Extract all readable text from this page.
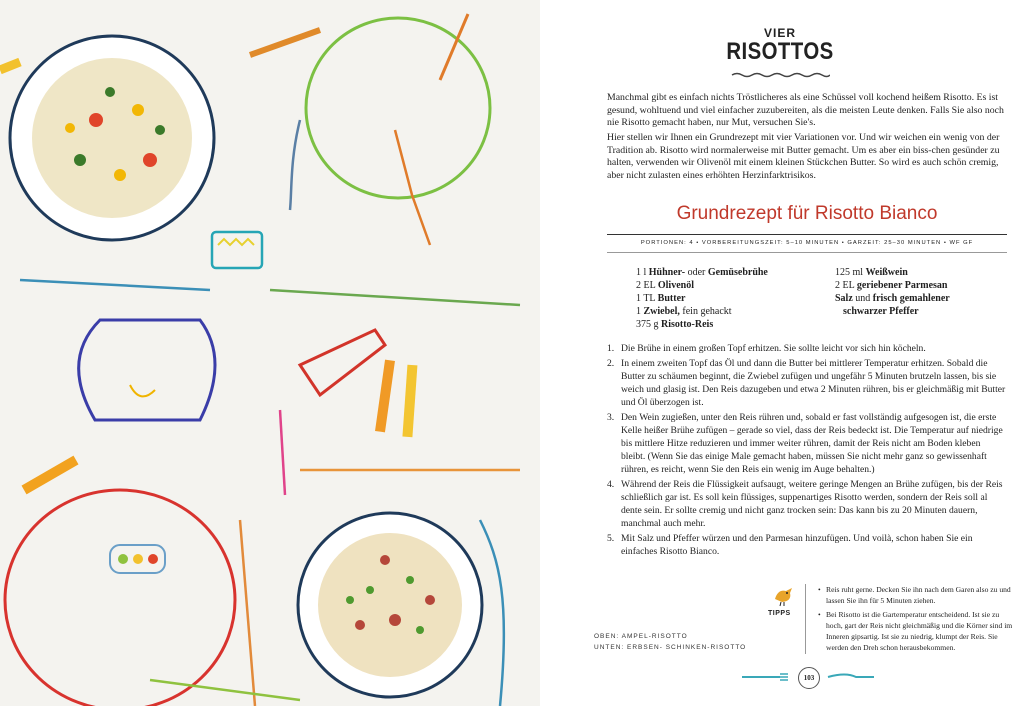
VIER
RISOTTOS

Manchmal gibt es einfach nichts Tröstlicheres als eine Schüssel voll kochend heißem Risotto. Es ist gesund, wohltuend und viel einfacher zuzubereiten, als die meisten Leute denken. Falls Sie also noch nie Risotto gemacht haben, nur Mut, versuchen Sie's.

Hier stellen wir Ihnen ein Grundrezept mit vier Variationen vor. Und wir weichen ein wenig von der Tradition ab. Risotto wird normalerweise mit Butter gemacht. Um es aber ein biss-chen gesünder zu halten, verwenden wir Olivenöl mit einem kleinen Stückchen Butter. So wird es auch schön cremig, aber nicht zulasten eines erhöhten Herzinfarktrisikos.

Grundrezept für Risotto Bianco
PORTIONEN: 4 • VORBEREITUNGSZEIT: 5–10 MINUTEN • GARZEIT: 25–30 MINUTEN • WF GF
1 l Hühner- oder Gemüsebrühe
2 EL Olivenöl
1 TL Butter
1 Zwiebel, fein gehackt
375 g Risotto-Reis
125 ml Weißwein
2 EL geriebener Parmesan
Salz und frisch gemahlener
schwarzer Pfeffer
1. Die Brühe in einem großen Topf erhitzen. Sie sollte leicht vor sich hin köcheln.
2. In einem zweiten Topf das Öl und dann die Butter bei mittlerer Temperatur erhitzen. Sobald die Butter zu schäumen beginnt, die Zwiebel zufügen und ungefähr 5 Minuten brutzeln lassen, bis sie weich und glasig ist. Den Reis dazugeben und etwa 2 Minuten rühren, bis er gleichmäßig mit Butter und Öl überzogen ist.
3. Den Wein zugießen, unter den Reis rühren und, sobald er fast vollständig aufgesogen ist, die erste Kelle heißer Brühe zufügen – gerade so viel, dass der Reis bedeckt ist. Die Temperatur auf niedrige bis mittlere Hitze reduzieren und immer weiter rühren, damit der Reis nicht am Boden kleben bleibt. (Wenn Sie das einige Male gemacht haben, müssen Sie nicht mehr ganz so gewissenhaft rühren, es reicht, wenn Sie den Reis ein wenig im Auge behalten.)
4. Während der Reis die Flüssigkeit aufsaugt, weitere geringe Mengen an Brühe zufügen, bis der Reis schließlich gar ist. Es soll kein flüssiges, suppenartiges Risotto werden, sondern der Reis soll al dente sein. Er sollte cremig und nicht ganz trocken sein: Das kann bis zu 20 Minuten dauern, manchmal auch mehr.
5. Mit Salz und Pfeffer würzen und den Parmesan hinzufügen. Und voilà, schon haben Sie ein einfaches Risotto Bianco.
TIPPS
• Reis ruht gerne. Decken Sie ihn nach dem Garen also zu und lassen Sie ihn für 5 Minuten ziehen.
• Bei Risotto ist die Gartemperatur entscheidend. Ist sie zu hoch, gart der Reis nicht gleichmäßig und die Körner sind im Inneren gipsartig. Ist sie zu niedrig, klumpt der Reis. Sie werden den Dreh schon herausbekommen.
103
OBEN: AMPEL-RISOTTO
UNTEN: ERBSEN- SCHINKEN-RISOTTO
